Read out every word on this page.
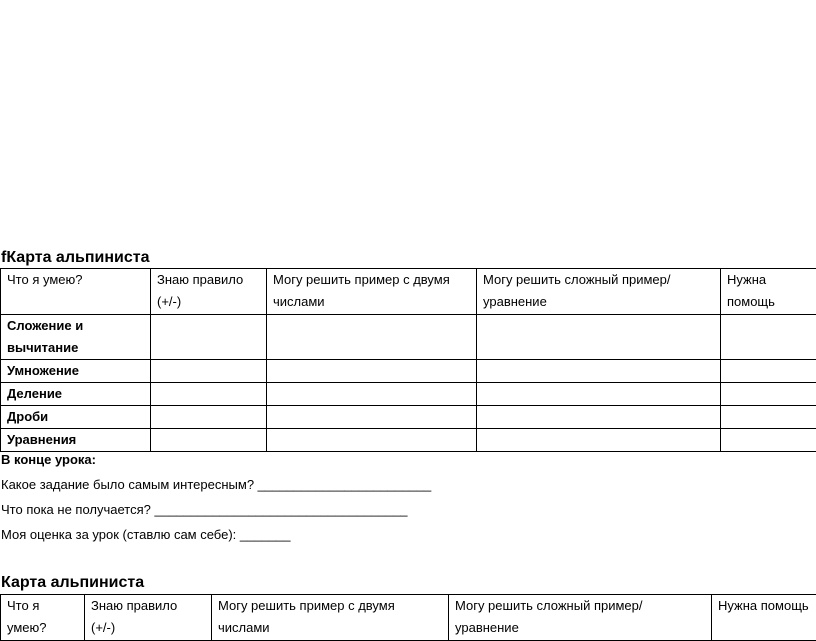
fКарта альпиниста
Что я умею?	Знаю правило (+/-)	Могу решить пример с двумя числами	Могу решить сложный пример/уравнение	Нужна помощь
Сложение и вычитание				
Умножение				
Деление				
Дроби				
Уравнения				
В конце урока:
Какое задание было самым интересным? ________________________
Что пока не получается? ___________________________________
Моя оценка за урок (ставлю сам себе): _______
Карта альпиниста
Что я умею?	Знаю правило (+/-)	Могу решить пример с двумя числами	Могу решить сложный пример/уравнение	Нужна помощь
